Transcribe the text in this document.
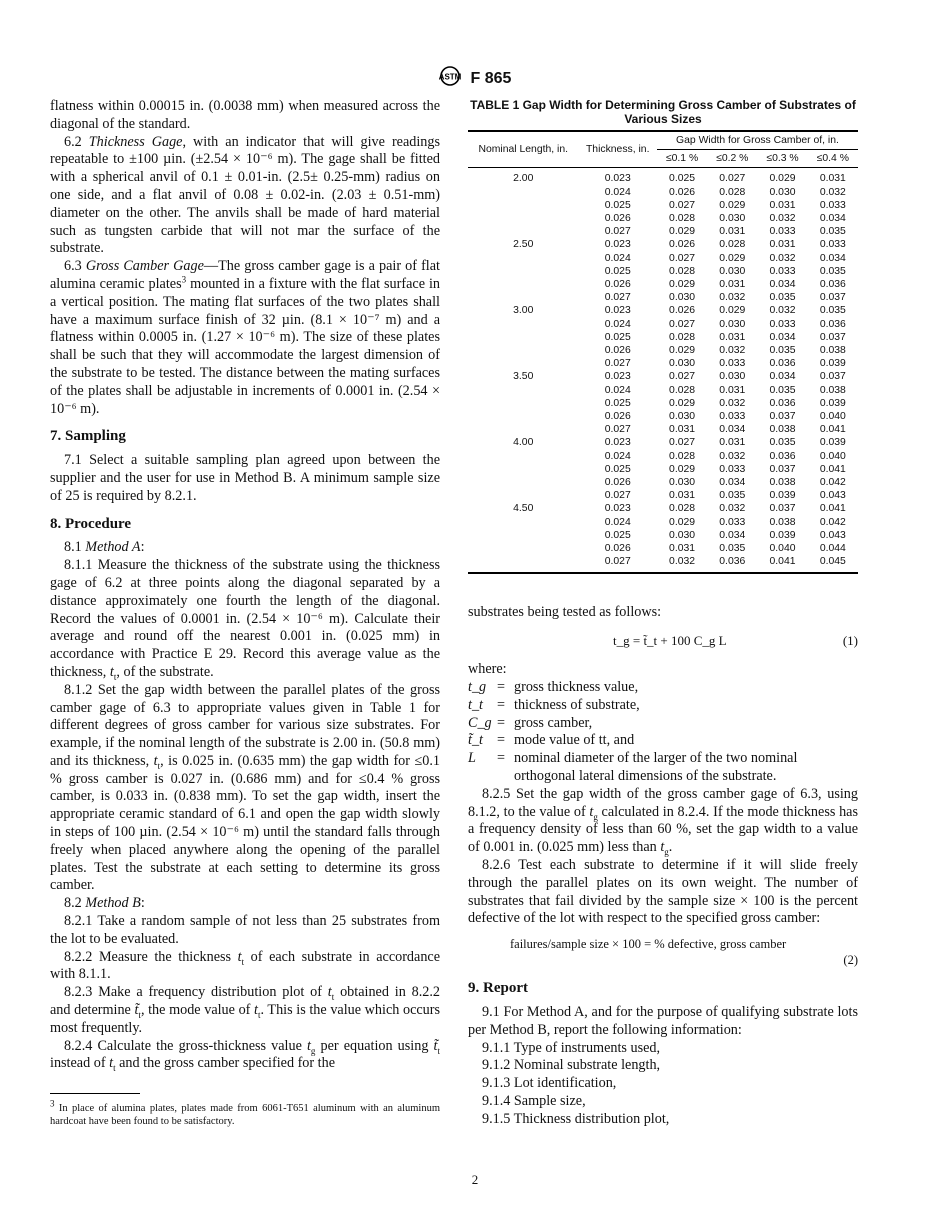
ASTM F 865

flatness within 0.00015 in. (0.0038 mm) when measured across the diagonal of the standard.

6.2 Thickness Gage, with an indicator that will give readings repeatable to ±100 µin. (±2.54 × 10⁻⁶ m). The gage shall be fitted with a spherical anvil of 0.1 ± 0.01-in. (2.5± 0.25-mm) radius on one side, and a flat anvil of 0.08 ± 0.02-in. (2.03 ± 0.51-mm) diameter on the other. The anvils shall be made of hard material such as tungsten carbide that will not mar the surface of the substrate.

6.3 Gross Camber Gage—The gross camber gage is a pair of flat alumina ceramic plates$^3$ mounted in a fixture with the flat surface in a vertical position. The mating flat surfaces of the two plates shall have a maximum surface finish of 32 µin. (8.1 × 10⁻⁷ m) and a flatness within 0.0005 in. (1.27 × 10⁻⁶ m). The size of these plates shall be such that they will accommodate the largest dimension of the substrate to be tested. The distance between the mating surfaces of the plates shall be adjustable in increments of 0.0001 in. (2.54 × 10⁻⁶ m).

7. Sampling

7.1 Select a suitable sampling plan agreed upon between the supplier and the user for use in Method B. A minimum sample size of 25 is required by 8.2.1.

8. Procedure

8.1 Method A:

8.1.1 Measure the thickness of the substrate using the thickness gage of 6.2 at three points along the diagonal separated by a distance approximately one fourth the length of the diagonal. Record the values of 0.0001 in. (2.54 × 10⁻⁶ m). Calculate their average and round off the nearest 0.001 in. (0.025 mm) in accordance with Practice E 29. Record this average value as the thickness, $t_t$, of the substrate.

8.1.2 Set the gap width between the parallel plates of the gross camber gage of 6.3 to appropriate values given in Table 1 for different degrees of gross camber for various size substrates. For example, if the nominal length of the substrate is 2.00 in. (50.8 mm) and its thickness, $t_t$, is 0.025 in. (0.635 mm) the gap width for ≤0.1 % gross camber is 0.027 in. (0.686 mm) and for ≤0.4 % gross camber, is 0.033 in. (0.838 mm). To set the gap width, insert the appropriate ceramic standard of 6.1 and open the gap width slowly in steps of 100 µin. (2.54 × 10⁻⁶ m) until the standard falls through freely when placed anywhere along the opening of the parallel plates. Test the substrate at each setting to determine its gross camber.

8.2 Method B:

8.2.1 Take a random sample of not less than 25 substrates from the lot to be evaluated.

8.2.2 Measure the thickness $t_t$ of each substrate in accordance with 8.1.1.

8.2.3 Make a frequency distribution plot of $t_t$ obtained in 8.2.2 and determine $t̃_t$, the mode value of $t_t$. This is the value which occurs most frequently.

8.2.4 Calculate the gross-thickness value $t_g$ per equation using $t̃_t$ instead of $t_t$ and the gross camber specified for the

$^3$ In place of alumina plates, plates made from 6061-T651 aluminum with an aluminum hardcoat have been found to be satisfactory.

TABLE 1 Gap Width for Determining Gross Camber of Substrates of Various Sizes
Nominal Length, in.	Thickness, in.	Gap Width for Gross Camber of, in.			
		≤0.1 %	≤0.2 %	≤0.3 %	≤0.4 %
2.00	0.023	0.025	0.027	0.029	0.031
	0.024	0.026	0.028	0.030	0.032
	0.025	0.027	0.029	0.031	0.033
	0.026	0.028	0.030	0.032	0.034
	0.027	0.029	0.031	0.033	0.035
2.50	0.023	0.026	0.028	0.031	0.033
	0.024	0.027	0.029	0.032	0.034
	0.025	0.028	0.030	0.033	0.035
	0.026	0.029	0.031	0.034	0.036
	0.027	0.030	0.032	0.035	0.037
3.00	0.023	0.026	0.029	0.032	0.035
	0.024	0.027	0.030	0.033	0.036
	0.025	0.028	0.031	0.034	0.037
	0.026	0.029	0.032	0.035	0.038
	0.027	0.030	0.033	0.036	0.039
3.50	0.023	0.027	0.030	0.034	0.037
	0.024	0.028	0.031	0.035	0.038
	0.025	0.029	0.032	0.036	0.039
	0.026	0.030	0.033	0.037	0.040
	0.027	0.031	0.034	0.038	0.041
4.00	0.023	0.027	0.031	0.035	0.039
	0.024	0.028	0.032	0.036	0.040
	0.025	0.029	0.033	0.037	0.041
	0.026	0.030	0.034	0.038	0.042
	0.027	0.031	0.035	0.039	0.043
4.50	0.023	0.028	0.032	0.037	0.041
	0.024	0.029	0.033	0.038	0.042
	0.025	0.030	0.034	0.039	0.043
	0.026	0.031	0.035	0.040	0.044
	0.027	0.032	0.036	0.041	0.045

substrates being tested as follows:

t_g = t̃_t + 100 C_g L	(1)

where:

t_g = gross thickness value,
t_t = thickness of substrate,
C_g = gross camber,
t̃_t = mode value of tt, and
L	= nominal diameter of the larger of the two nominal orthogonal lateral dimensions of the substrate.

8.2.5 Set the gap width of the gross camber gage of 6.3, using 8.1.2, to the value of $t_g$ calculated in 8.2.4. If the mode thickness has a frequency density of less than 60 %, set the gap width to a value of 0.001 in. (0.025 mm) less than $t_g$.

8.2.6 Test each substrate to determine if it will slide freely through the parallel plates on its own weight. The number of substrates that fail divided by the sample size × 100 is the percent defective of the lot with respect to the specified gross camber:

failures/sample size × 100 = % defective, gross camber
(2)
9. Report

9.1 For Method A, and for the purpose of qualifying substrate lots per Method B, report the following information:

9.1.1 Type of instruments used,

9.1.2 Nominal substrate length,

9.1.3 Lot identification,

9.1.4 Sample size,

9.1.5 Thickness distribution plot,

2
